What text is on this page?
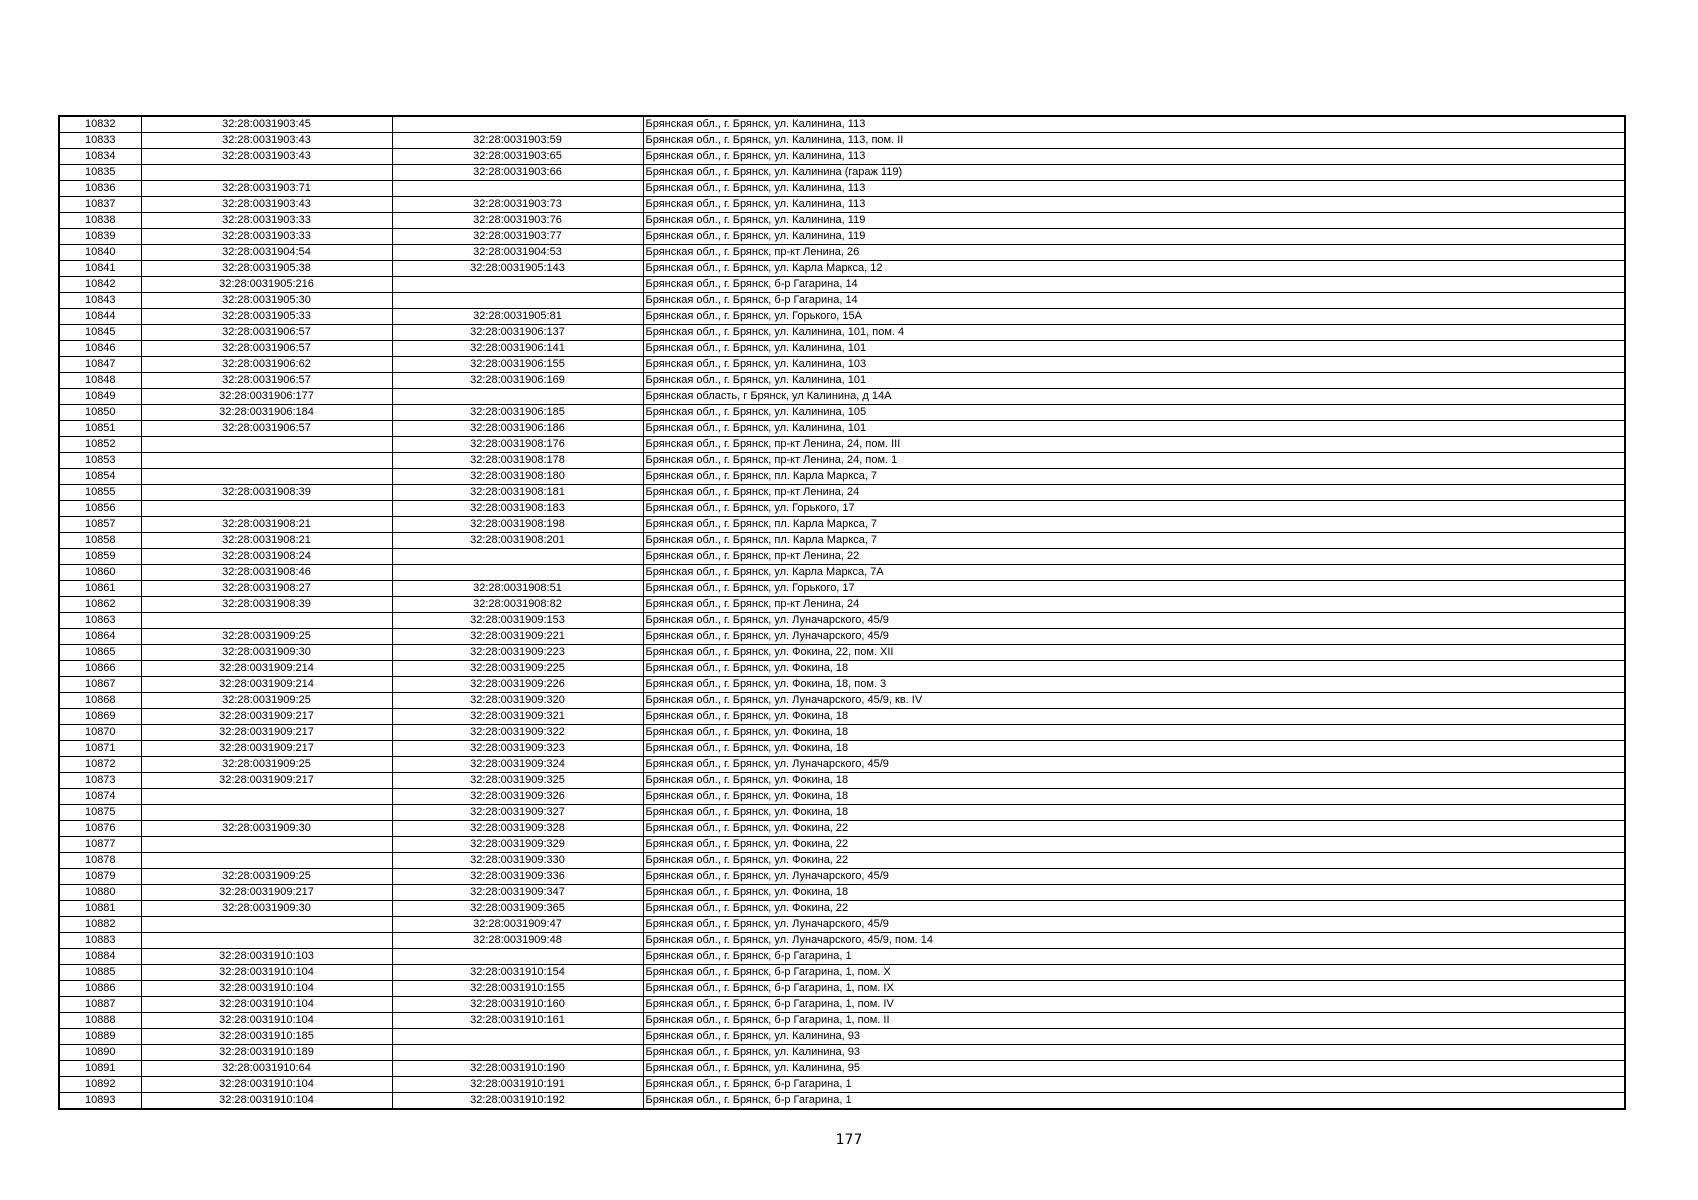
10832	32:28:0031903:45		Брянская обл., г. Брянск, ул. Калинина, 113
10833	32:28:0031903:43	32:28:0031903:59	Брянская обл., г. Брянск, ул. Калинина, 113, пом. II
10834	32:28:0031903:43	32:28:0031903:65	Брянская обл., г. Брянск, ул. Калинина, 113
10835		32:28:0031903:66	Брянская обл., г. Брянск, ул. Калинина (гараж 119)
10836	32:28:0031903:71		Брянская обл., г. Брянск, ул. Калинина, 113
10837	32:28:0031903:43	32:28:0031903:73	Брянская обл., г. Брянск, ул. Калинина, 113
10838	32:28:0031903:33	32:28:0031903:76	Брянская обл., г. Брянск, ул. Калинина, 119
10839	32:28:0031903:33	32:28:0031903:77	Брянская обл., г. Брянск, ул. Калинина, 119
10840	32:28:0031904:54	32:28:0031904:53	Брянская обл., г. Брянск, пр-кт Ленина, 26
10841	32:28:0031905:38	32:28:0031905:143	Брянская обл., г. Брянск, ул. Карла Маркса, 12
10842	32:28:0031905:216		Брянская обл., г. Брянск, б-р Гагарина, 14
10843	32:28:0031905:30		Брянская обл., г. Брянск, б-р Гагарина, 14
10844	32:28:0031905:33	32:28:0031905:81	Брянская обл., г. Брянск, ул. Горького, 15А
10845	32:28:0031906:57	32:28:0031906:137	Брянская обл., г. Брянск, ул. Калинина, 101, пом. 4
10846	32:28:0031906:57	32:28:0031906:141	Брянская обл., г. Брянск, ул. Калинина, 101
10847	32:28:0031906:62	32:28:0031906:155	Брянская обл., г. Брянск, ул. Калинина, 103
10848	32:28:0031906:57	32:28:0031906:169	Брянская обл., г. Брянск, ул. Калинина, 101
10849	32:28:0031906:177		Брянская область, г Брянск, ул Калинина, д 14А
10850	32:28:0031906:184	32:28:0031906:185	Брянская обл., г. Брянск, ул. Калинина, 105
10851	32:28:0031906:57	32:28:0031906:186	Брянская обл., г. Брянск, ул. Калинина, 101
10852		32:28:0031908:176	Брянская обл., г. Брянск, пр-кт Ленина, 24, пом. III
10853		32:28:0031908:178	Брянская обл., г. Брянск, пр-кт Ленина, 24, пом. 1
10854		32:28:0031908:180	Брянская обл., г. Брянск, пл. Карла Маркса, 7
10855	32:28:0031908:39	32:28:0031908:181	Брянская обл., г. Брянск, пр-кт Ленина, 24
10856		32:28:0031908:183	Брянская обл., г. Брянск, ул. Горького, 17
10857	32:28:0031908:21	32:28:0031908:198	Брянская обл., г. Брянск, пл. Карла Маркса, 7
10858	32:28:0031908:21	32:28:0031908:201	Брянская обл., г. Брянск, пл. Карла Маркса, 7
10859	32:28:0031908:24		Брянская обл., г. Брянск, пр-кт Ленина, 22
10860	32:28:0031908:46		Брянская обл., г. Брянск, ул. Карла Маркса, 7А
10861	32:28:0031908:27	32:28:0031908:51	Брянская обл., г. Брянск, ул. Горького, 17
10862	32:28:0031908:39	32:28:0031908:82	Брянская обл., г. Брянск, пр-кт Ленина, 24
10863		32:28:0031909:153	Брянская обл., г. Брянск, ул. Луначарского, 45/9
10864	32:28:0031909:25	32:28:0031909:221	Брянская обл., г. Брянск, ул. Луначарского, 45/9
10865	32:28:0031909:30	32:28:0031909:223	Брянская обл., г. Брянск, ул. Фокина, 22, пом. XII
10866	32:28:0031909:214	32:28:0031909:225	Брянская обл., г. Брянск, ул. Фокина, 18
10867	32:28:0031909:214	32:28:0031909:226	Брянская обл., г. Брянск, ул. Фокина, 18, пом. 3
10868	32:28:0031909:25	32:28:0031909:320	Брянская обл., г. Брянск, ул. Луначарского, 45/9, кв. IV
10869	32:28:0031909:217	32:28:0031909:321	Брянская обл., г. Брянск, ул. Фокина, 18
10870	32:28:0031909:217	32:28:0031909:322	Брянская обл., г. Брянск, ул. Фокина, 18
10871	32:28:0031909:217	32:28:0031909:323	Брянская обл., г. Брянск, ул. Фокина, 18
10872	32:28:0031909:25	32:28:0031909:324	Брянская обл., г. Брянск, ул. Луначарского, 45/9
10873	32:28:0031909:217	32:28:0031909:325	Брянская обл., г. Брянск, ул. Фокина, 18
10874		32:28:0031909:326	Брянская обл., г. Брянск, ул. Фокина, 18
10875		32:28:0031909:327	Брянская обл., г. Брянск, ул. Фокина, 18
10876	32:28:0031909:30	32:28:0031909:328	Брянская обл., г. Брянск, ул. Фокина, 22
10877		32:28:0031909:329	Брянская обл., г. Брянск, ул. Фокина, 22
10878		32:28:0031909:330	Брянская обл., г. Брянск, ул. Фокина, 22
10879	32:28:0031909:25	32:28:0031909:336	Брянская обл., г. Брянск, ул. Луначарского, 45/9
10880	32:28:0031909:217	32:28:0031909:347	Брянская обл., г. Брянск, ул. Фокина, 18
10881	32:28:0031909:30	32:28:0031909:365	Брянская обл., г. Брянск, ул. Фокина, 22
10882		32:28:0031909:47	Брянская обл., г. Брянск, ул. Луначарского, 45/9
10883		32:28:0031909:48	Брянская обл., г. Брянск, ул. Луначарского, 45/9, пом. 14
10884	32:28:0031910:103		Брянская обл., г. Брянск, б-р Гагарина, 1
10885	32:28:0031910:104	32:28:0031910:154	Брянская обл., г. Брянск, б-р Гагарина, 1, пом. X
10886	32:28:0031910:104	32:28:0031910:155	Брянская обл., г. Брянск, б-р Гагарина, 1, пом. IX
10887	32:28:0031910:104	32:28:0031910:160	Брянская обл., г. Брянск, б-р Гагарина, 1, пом. IV
10888	32:28:0031910:104	32:28:0031910:161	Брянская обл., г. Брянск, б-р Гагарина, 1, пом. II
10889	32:28:0031910:185		Брянская обл., г. Брянск, ул. Калинина, 93
10890	32:28:0031910:189		Брянская обл., г. Брянск, ул. Калинина, 93
10891	32:28:0031910:64	32:28:0031910:190	Брянская обл., г. Брянск, ул. Калинина, 95
10892	32:28:0031910:104	32:28:0031910:191	Брянская обл., г. Брянск, б-р Гагарина, 1
10893	32:28:0031910:104	32:28:0031910:192	Брянская обл., г. Брянск, б-р Гагарина, 1
177
